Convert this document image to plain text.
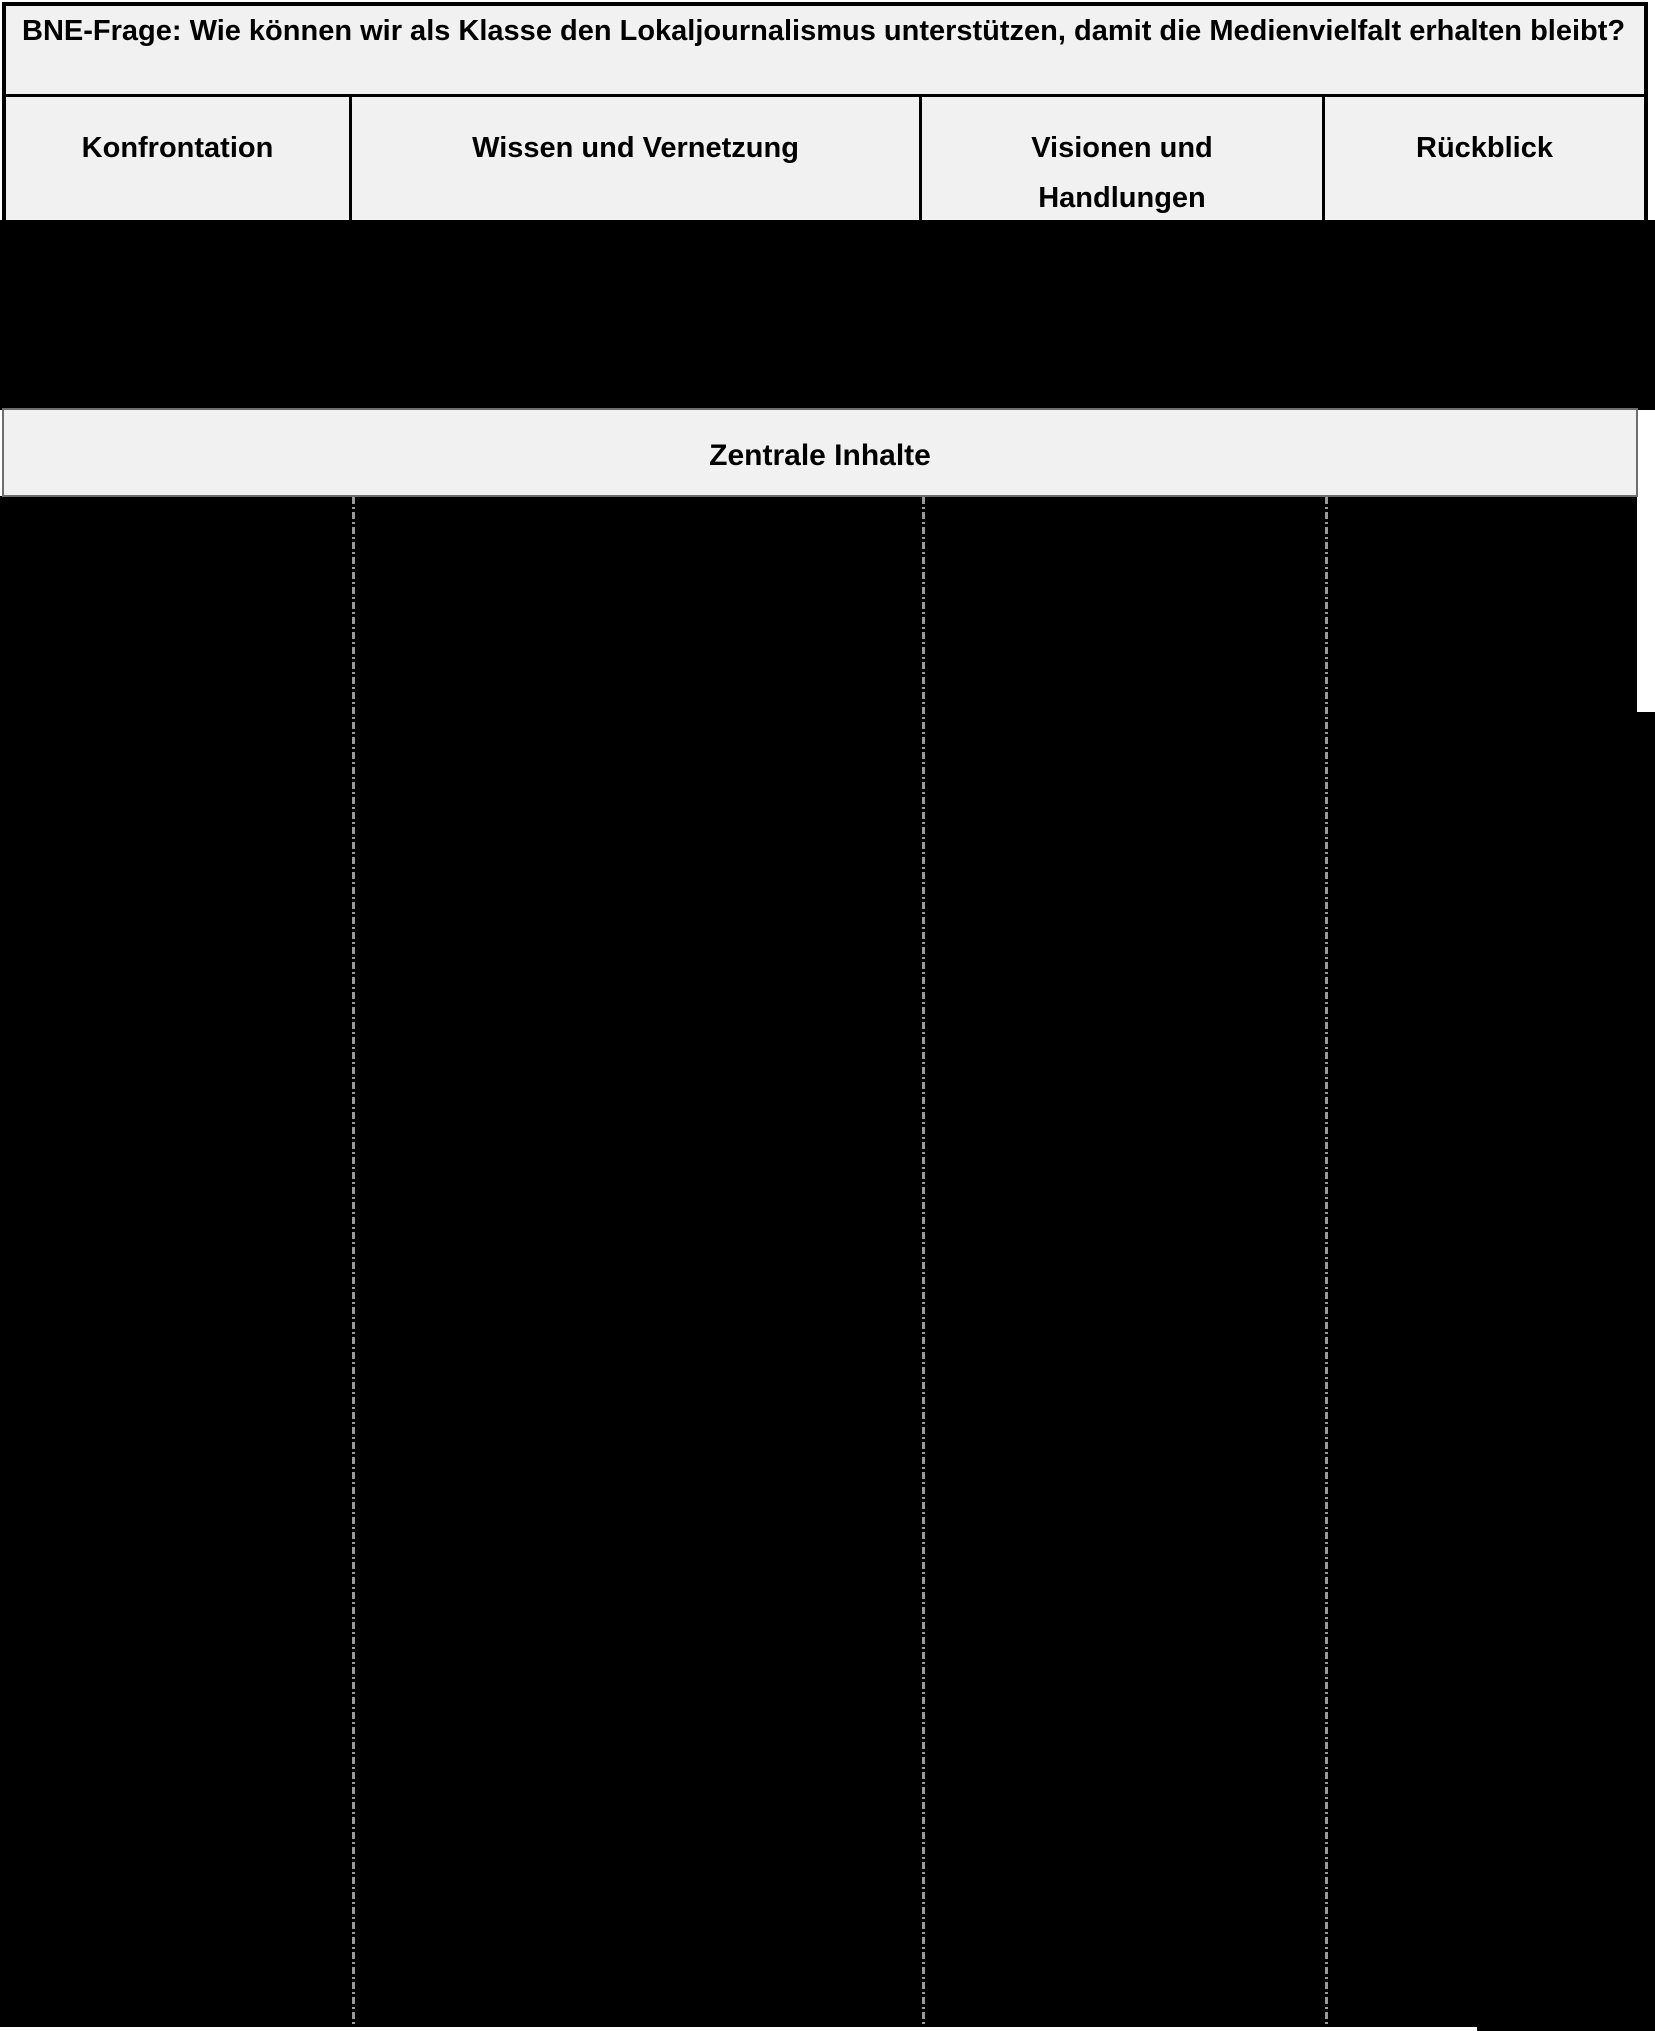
BNE-Frage: Wie können wir als Klasse den Lokaljournalismus unterstützen, damit die Medienvielfalt erhalten bleibt?
Konfrontation	Wissen und Vernetzung	Visionen und Handlungen
Rückblick
Zentrale Inhalte
